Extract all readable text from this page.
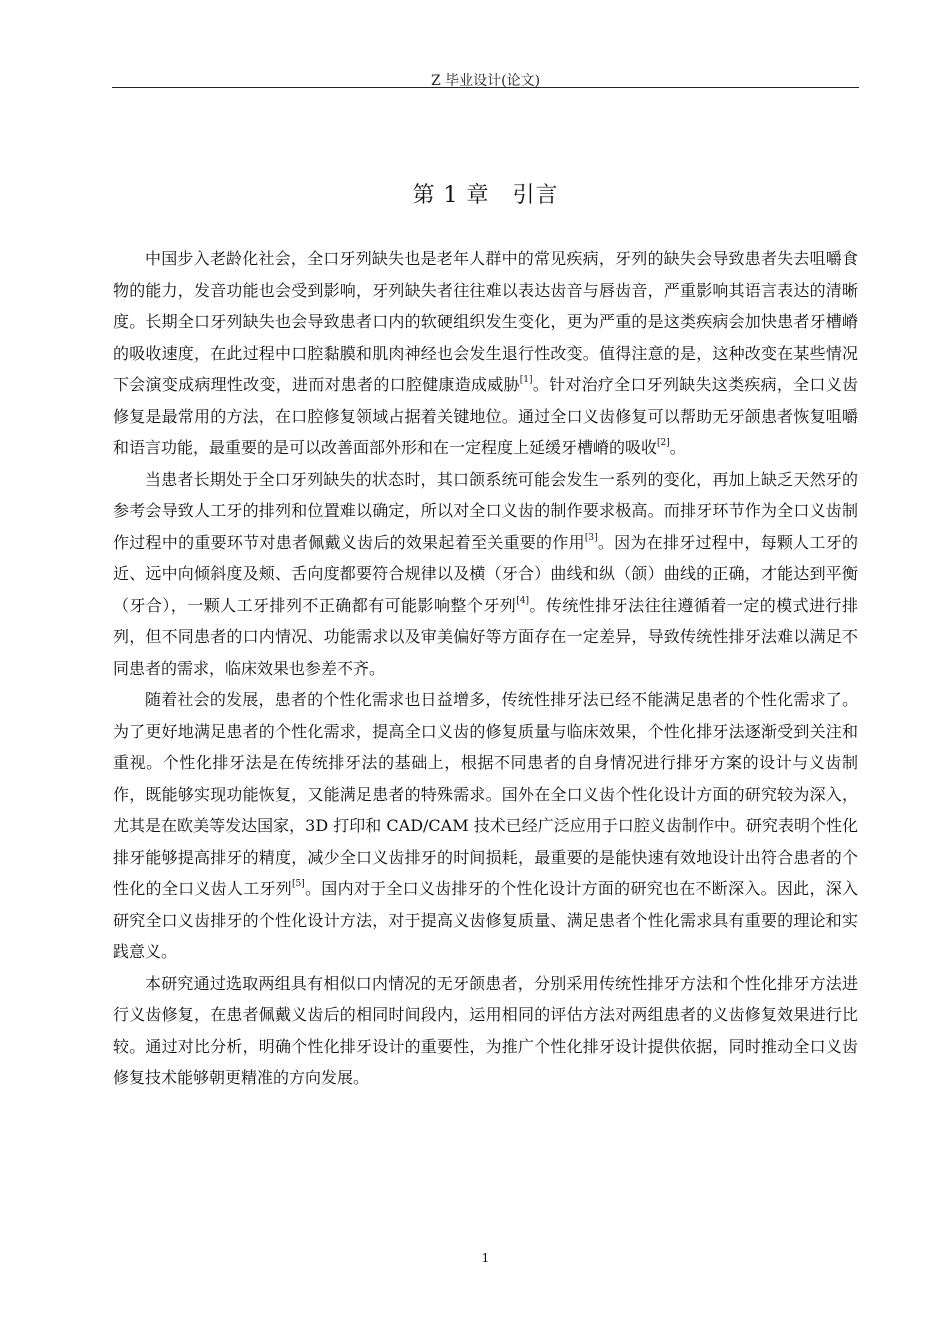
Z 毕业设计(论文)
第 1 章　引言

中国步入老龄化社会，全口牙列缺失也是老年人群中的常见疾病，牙列的缺失会导致患者失去咀嚼食物的能力，发音功能也会受到影响，牙列缺失者往往难以表达齿音与唇齿音，严重影响其语言表达的清晰度。长期全口牙列缺失也会导致患者口内的软硬组织发生变化，更为严重的是这类疾病会加快患者牙槽嵴的吸收速度，在此过程中口腔黏膜和肌肉神经也会发生退行性改变。值得注意的是，这种改变在某些情况下会演变成病理性改变，进而对患者的口腔健康造成威胁[1]。针对治疗全口牙列缺失这类疾病，全口义齿修复是最常用的方法，在口腔修复领域占据着关键地位。通过全口义齿修复可以帮助无牙颌患者恢复咀嚼和语言功能，最重要的是可以改善面部外形和在一定程度上延缓牙槽嵴的吸收[2]。

当患者长期处于全口牙列缺失的状态时，其口颌系统可能会发生一系列的变化，再加上缺乏天然牙的参考会导致人工牙的排列和位置难以确定，所以对全口义齿的制作要求极高。而排牙环节作为全口义齿制作过程中的重要环节对患者佩戴义齿后的效果起着至关重要的作用[3]。因为在排牙过程中，每颗人工牙的近、远中向倾斜度及颊、舌向度都要符合规律以及横（牙合）曲线和纵（颌）曲线的正确，才能达到平衡（牙合），一颗人工牙排列不正确都有可能影响整个牙列[4]。传统性排牙法往往遵循着一定的模式进行排列，但不同患者的口内情况、功能需求以及审美偏好等方面存在一定差异，导致传统性排牙法难以满足不同患者的需求，临床效果也参差不齐。

随着社会的发展，患者的个性化需求也日益增多，传统性排牙法已经不能满足患者的个性化需求了。为了更好地满足患者的个性化需求，提高全口义齿的修复质量与临床效果，个性化排牙法逐渐受到关注和重视。个性化排牙法是在传统排牙法的基础上，根据不同患者的自身情况进行排牙方案的设计与义齿制作，既能够实现功能恢复，又能满足患者的特殊需求。国外在全口义齿个性化设计方面的研究较为深入，尤其是在欧美等发达国家，3D 打印和 CAD/CAM 技术已经广泛应用于口腔义齿制作中。研究表明个性化排牙能够提高排牙的精度，减少全口义齿排牙的时间损耗，最重要的是能快速有效地设计出符合患者的个性化的全口义齿人工牙列[5]。国内对于全口义齿排牙的个性化设计方面的研究也在不断深入。因此，深入研究全口义齿排牙的个性化设计方法，对于提高义齿修复质量、满足患者个性化需求具有重要的理论和实践意义。

本研究通过选取两组具有相似口内情况的无牙颌患者，分别采用传统性排牙方法和个性化排牙方法进行义齿修复，在患者佩戴义齿后的相同时间段内，运用相同的评估方法对两组患者的义齿修复效果进行比较。通过对比分析，明确个性化排牙设计的重要性，为推广个性化排牙设计提供依据，同时推动全口义齿修复技术能够朝更精准的方向发展。

1
